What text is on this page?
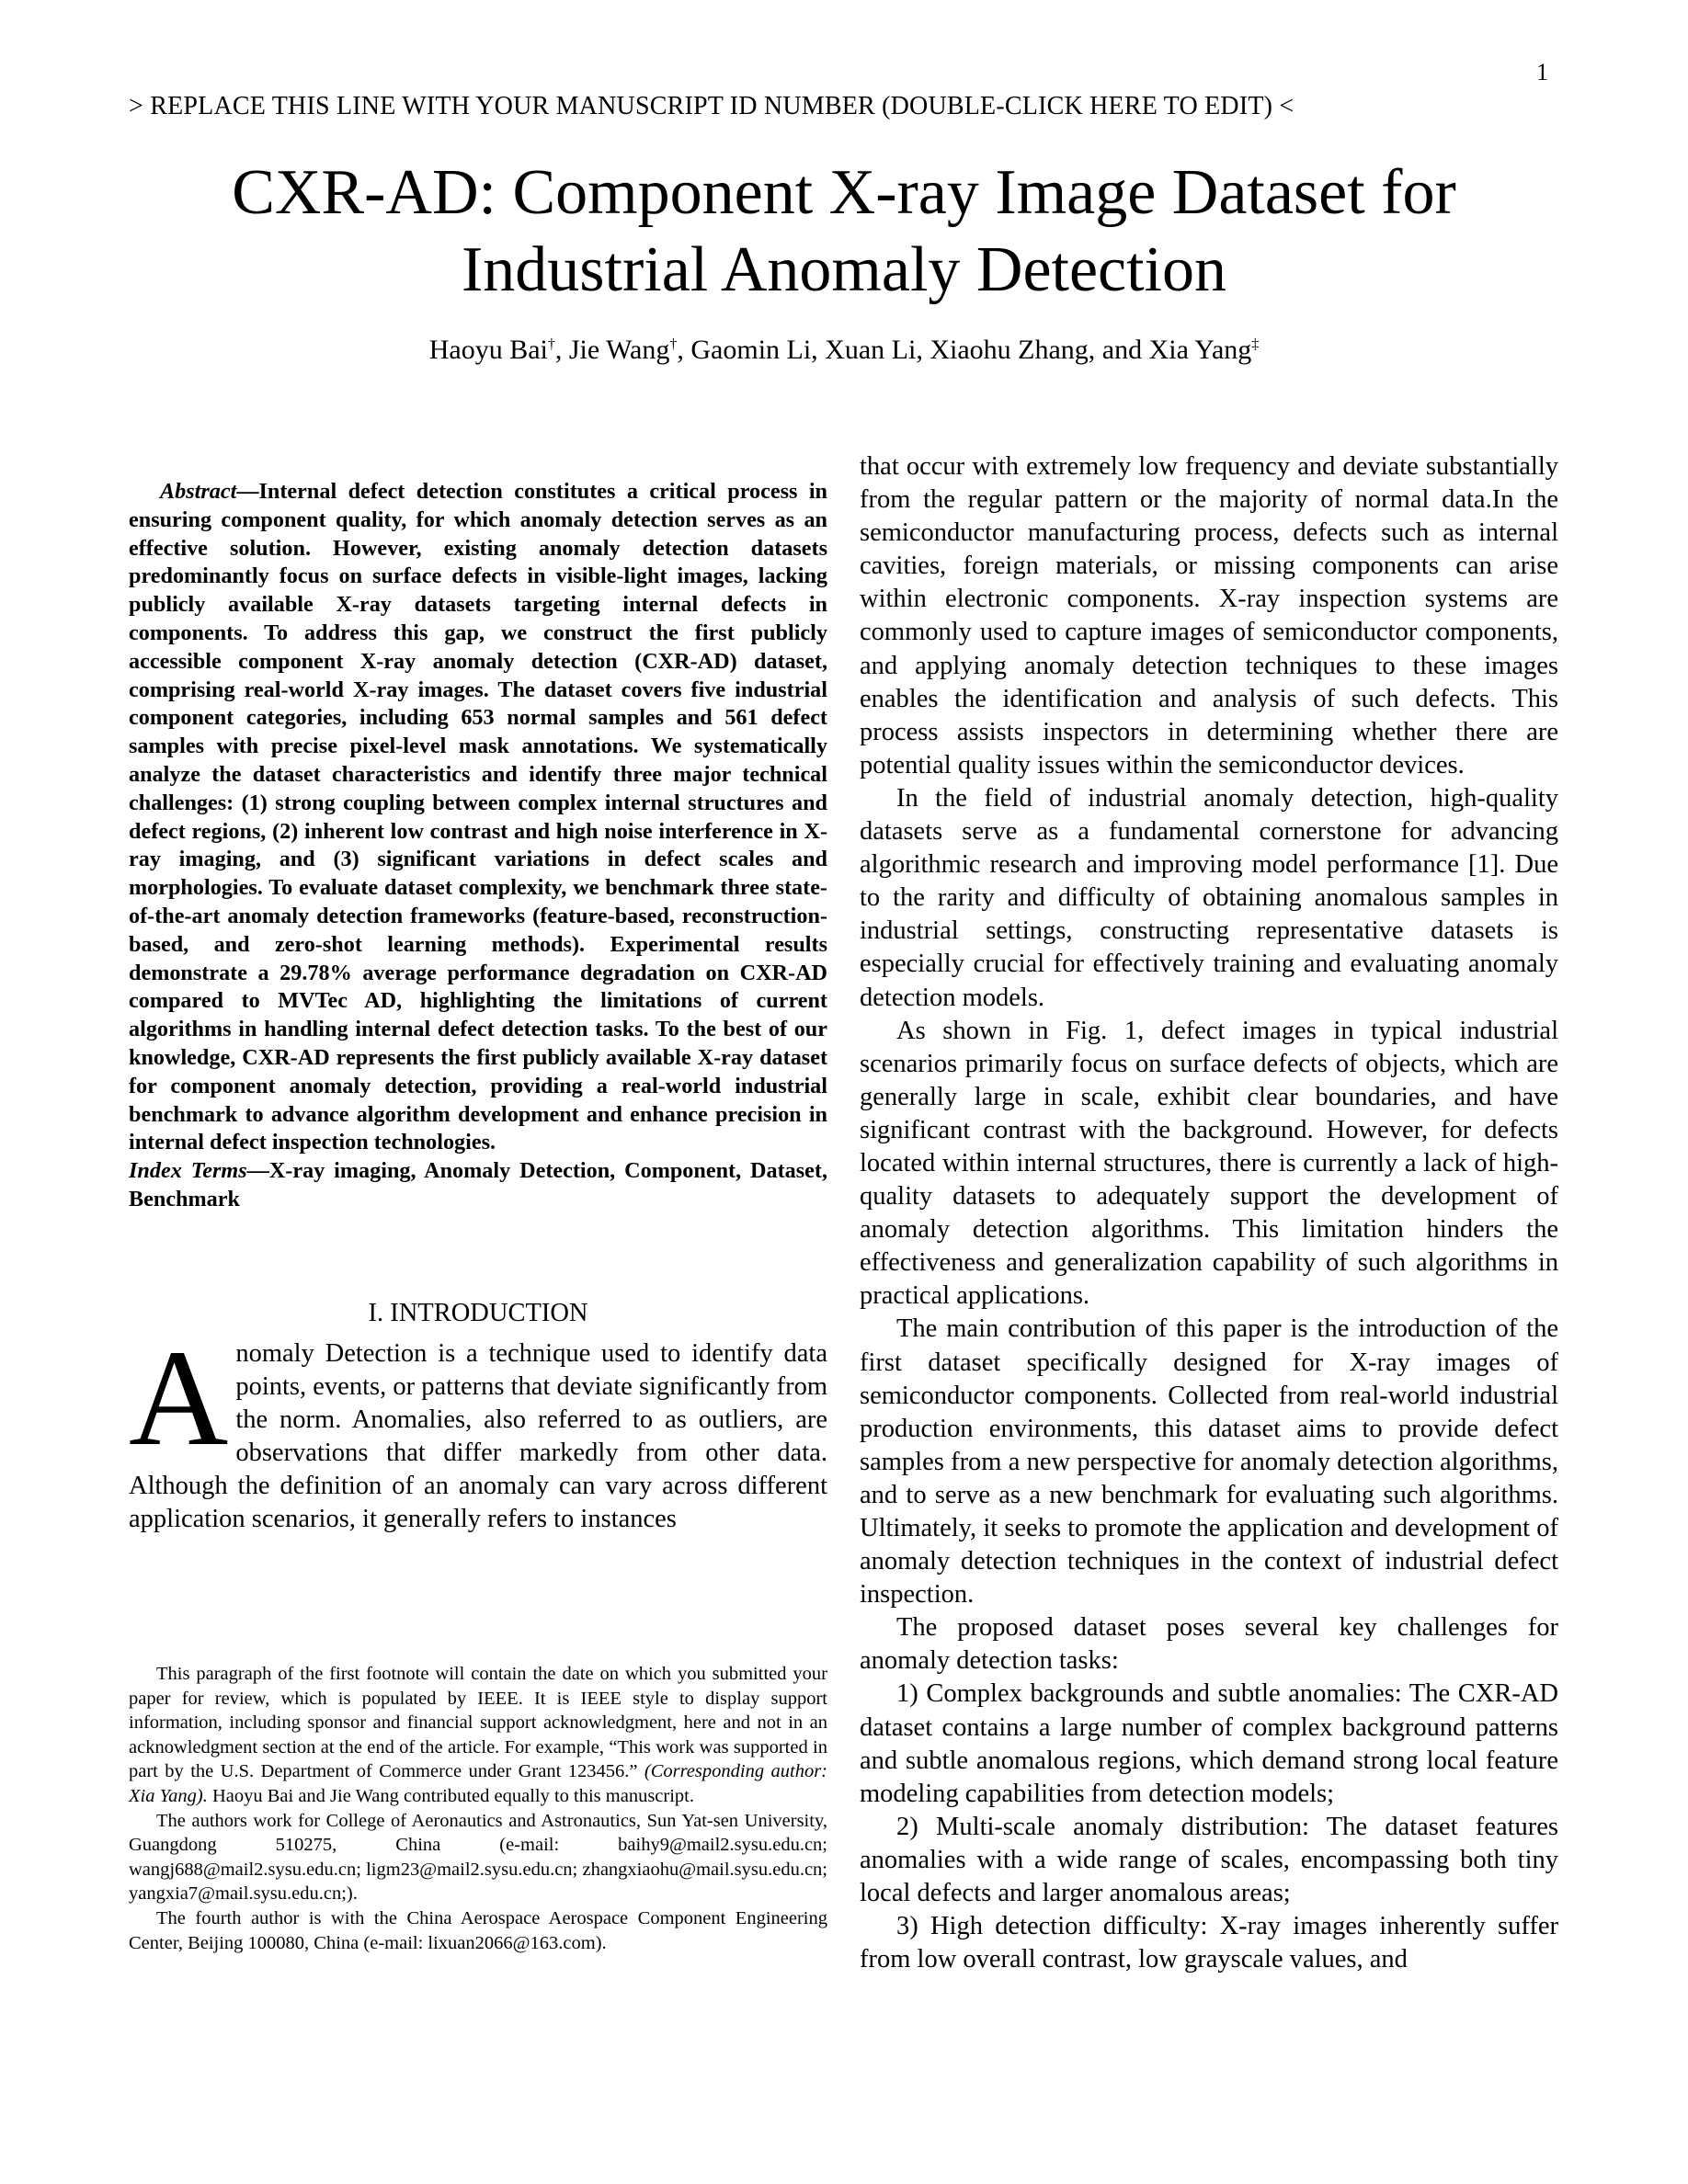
1
> REPLACE THIS LINE WITH YOUR MANUSCRIPT ID NUMBER (DOUBLE-CLICK HERE TO EDIT) <
CXR-AD: Component X-ray Image Dataset for
Industrial Anomaly Detection
Haoyu Bai†, Jie Wang†, Gaomin Li, Xuan Li, Xiaohu Zhang, and Xia Yang‡

Abstract—Internal defect detection constitutes a critical process in ensuring component quality, for which anomaly detection serves as an effective solution. However, existing anomaly detection datasets predominantly focus on surface defects in visible-light images, lacking publicly available X-ray datasets targeting internal defects in components. To address this gap, we construct the first publicly accessible component X-ray anomaly detection (CXR-AD) dataset, comprising real-world X-ray images. The dataset covers five industrial component categories, including 653 normal samples and 561 defect samples with precise pixel-level mask annotations. We systematically analyze the dataset characteristics and identify three major technical challenges: (1) strong coupling between complex internal structures and defect regions, (2) inherent low contrast and high noise interference in X-ray imaging, and (3) significant variations in defect scales and morphologies. To evaluate dataset complexity, we benchmark three state-of-the-art anomaly detection frameworks (feature-based, reconstruction-based, and zero-shot learning methods). Experimental results demonstrate a 29.78% average performance degradation on CXR-AD compared to MVTec AD, highlighting the limitations of current algorithms in handling internal defect detection tasks. To the best of our knowledge, CXR-AD represents the first publicly available X-ray dataset for component anomaly detection, providing a real-world industrial benchmark to advance algorithm development and enhance precision in internal defect inspection technologies.

Index Terms—X-ray imaging, Anomaly Detection, Component, Dataset, Benchmark

I. INTRODUCTION

Anomaly Detection is a technique used to identify data points, events, or patterns that deviate significantly from the norm. Anomalies, also referred to as outliers, are observations that differ markedly from other data. Although the definition of an anomaly can vary across different application scenarios, it generally refers to instances

This paragraph of the first footnote will contain the date on which you submitted your paper for review, which is populated by IEEE. It is IEEE style to display support information, including sponsor and financial support acknowledgment, here and not in an acknowledgment section at the end of the article. For example, “This work was supported in part by the U.S. Department of Commerce under Grant 123456.” (Corresponding author: Xia Yang). Haoyu Bai and Jie Wang contributed equally to this manuscript.

The authors work for College of Aeronautics and Astronautics, Sun Yat-sen University, Guangdong 510275, China (e-mail: baihy9@mail2.sysu.edu.cn; wangj688@mail2.sysu.edu.cn; ligm23@mail2.sysu.edu.cn; zhangxiaohu@mail.sysu.edu.cn; yangxia7@mail.sysu.edu.cn;).

The fourth author is with the China Aerospace Aerospace Component Engineering Center, Beijing 100080, China (e-mail: lixuan2066@163.com).

that occur with extremely low frequency and deviate substantially from the regular pattern or the majority of normal data.In the semiconductor manufacturing process, defects such as internal cavities, foreign materials, or missing components can arise within electronic components. X-ray inspection systems are commonly used to capture images of semiconductor components, and applying anomaly detection techniques to these images enables the identification and analysis of such defects. This process assists inspectors in determining whether there are potential quality issues within the semiconductor devices.

In the field of industrial anomaly detection, high-quality datasets serve as a fundamental cornerstone for advancing algorithmic research and improving model performance [1]. Due to the rarity and difficulty of obtaining anomalous samples in industrial settings, constructing representative datasets is especially crucial for effectively training and evaluating anomaly detection models.

As shown in Fig. 1, defect images in typical industrial scenarios primarily focus on surface defects of objects, which are generally large in scale, exhibit clear boundaries, and have significant contrast with the background. However, for defects located within internal structures, there is currently a lack of high-quality datasets to adequately support the development of anomaly detection algorithms. This limitation hinders the effectiveness and generalization capability of such algorithms in practical applications.

The main contribution of this paper is the introduction of the first dataset specifically designed for X-ray images of semiconductor components. Collected from real-world industrial production environments, this dataset aims to provide defect samples from a new perspective for anomaly detection algorithms, and to serve as a new benchmark for evaluating such algorithms. Ultimately, it seeks to promote the application and development of anomaly detection techniques in the context of industrial defect inspection.

The proposed dataset poses several key challenges for anomaly detection tasks:

1) Complex backgrounds and subtle anomalies: The CXR-AD dataset contains a large number of complex background patterns and subtle anomalous regions, which demand strong local feature modeling capabilities from detection models;

2) Multi-scale anomaly distribution: The dataset features anomalies with a wide range of scales, encompassing both tiny local defects and larger anomalous areas;

3) High detection difficulty: X-ray images inherently suffer from low overall contrast, low grayscale values, and
